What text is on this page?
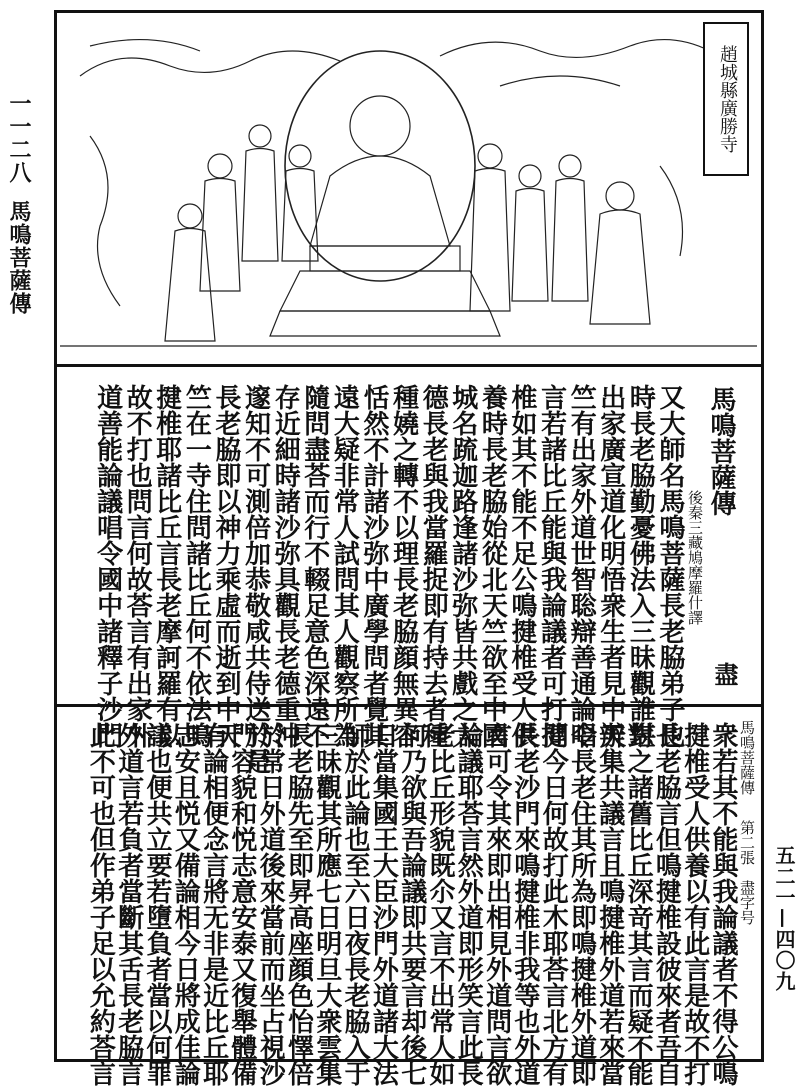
一一二八
馬鳴菩薩傳
五二一—四〇九
趙城縣廣勝寺
馬鳴菩薩傳
後秦三藏鳩摩羅什譯
盡
又大師名馬鳴菩薩長老脇弟子也
時長老脇勤憂佛法入三昧觀誰堪
出家廣宣道化明悟衆生者見中天
竺有出家外道世智聡辯善通論唱
言若諸比丘能與我論議者可打揵
椎如其不能不足公鳴揵椎受人供
養時長老脇始從北天竺欲至中國
城名䟽迦路逢諸沙弥皆共戲之大
德長老與我當羅捉即有持去者種
種嬈之轉不以理長老脇顔無異容
恬然不計諸沙弥中廣學問者覺其
遠大疑非常人試問其人觀察所為
隨問盡荅而行不輟足意色深遠不
存近細時諸沙弥具觀長老德重沖
邃知不可測倍加恭敬咸共侍送於是
長老脇即以神力乘虛而逝到中天
竺在一寺住問諸比丘何不依法鳴
揵椎耶諸比丘言長老摩訶羅有以
故不打也問言何故荅言有出家外
道善能論議唱令國中諸釋子沙門
馬鳴菩薩傳
第二張
盡字号
衆若其不能與我論議者不得公鳴
揵椎受人供養以有此言是故不打
長老脇言但鳴揵椎設彼來者吾自
對之諸舊比丘深竒其言而疑不能
辦集共議言且鳴揵椎外道若來當
令長老住其所為即鳴揵椎外道即
問今日何故打此木耶荅言北方有
長老沙門來鳴揵椎非我等也外道
言可令其來即出相見外道問言欲
論議耶荅言然外道即形笑言此長
老比丘形貌既尒又言不出常人如
何乃欲與吾論議即共要言却後七
日當集國王大臣沙門外道諸大法
師於此論也至六日夜長老脇入于
三昧觀其所應七日明旦大衆雲集
長老脇先至即昇高座顔色怡懌倍
於常日外道後來當前而坐占視沙
門容貌和悦志意安泰又復舉體備
有論相便念言將无非是近比丘耶
志安且悦又備論相今日將成佳論
議也便共立要若墮負者當以何罪
外道言若負者當斷其舌長老脇言
此不可也但作弟子足以允約荅言
